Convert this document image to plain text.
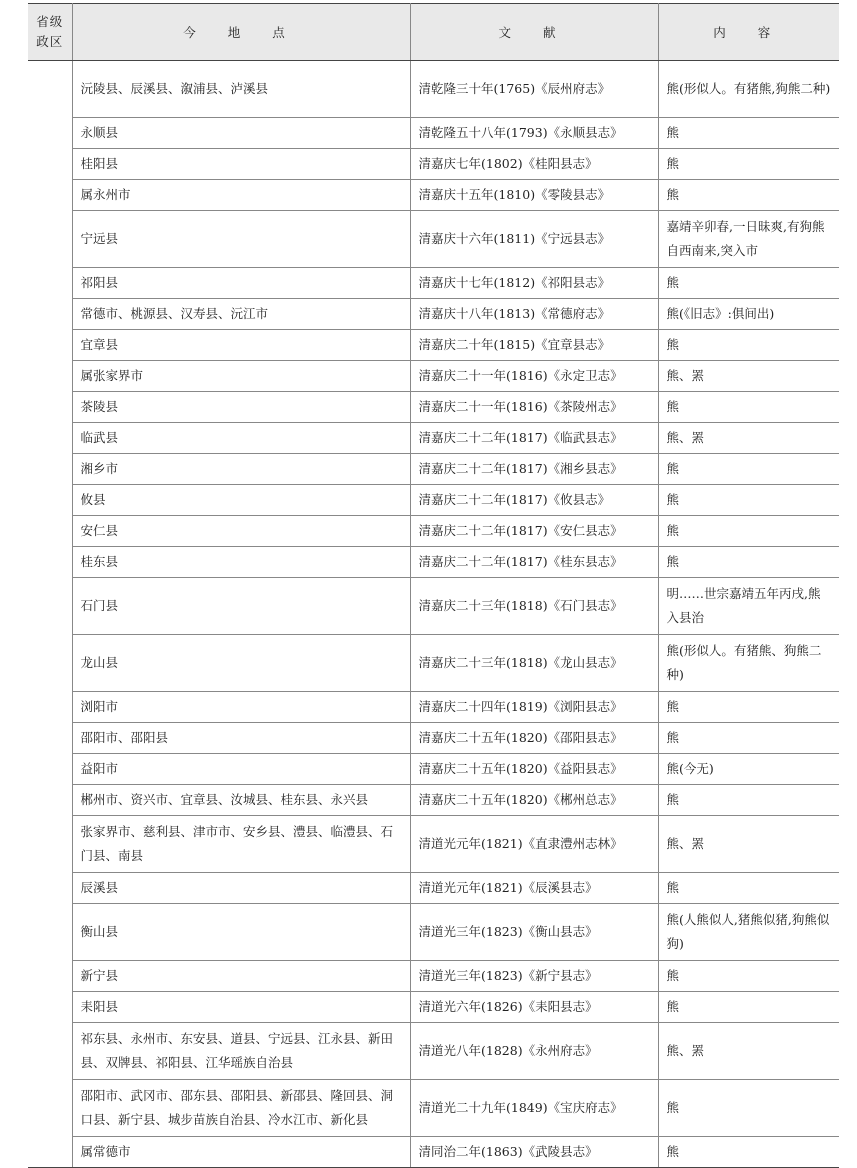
省级
政区	今 地 点	文 献	内 容
	沅陵县、辰溪县、溆浦县、泸溪县	清乾隆三十年(1765)《辰州府志》	熊(形似人。有猪熊,狗熊二种)
	永顺县	清乾隆五十八年(1793)《永顺县志》	熊
	桂阳县	清嘉庆七年(1802)《桂阳县志》	熊
	属永州市	清嘉庆十五年(1810)《零陵县志》	熊
	宁远县	清嘉庆十六年(1811)《宁远县志》	嘉靖辛卯春,一日昧爽,有狗熊自西南来,突入市
	祁阳县	清嘉庆十七年(1812)《祁阳县志》	熊
	常德市、桃源县、汉寿县、沅江市	清嘉庆十八年(1813)《常德府志》	熊(《旧志》:俱间出)
	宜章县	清嘉庆二十年(1815)《宜章县志》	熊
	属张家界市	清嘉庆二十一年(1816)《永定卫志》	熊、罴
	茶陵县	清嘉庆二十一年(1816)《茶陵州志》	熊
	临武县	清嘉庆二十二年(1817)《临武县志》	熊、罴
	湘乡市	清嘉庆二十二年(1817)《湘乡县志》	熊
	攸县	清嘉庆二十二年(1817)《攸县志》	熊
	安仁县	清嘉庆二十二年(1817)《安仁县志》	熊
	桂东县	清嘉庆二十二年(1817)《桂东县志》	熊
	石门县	清嘉庆二十三年(1818)《石门县志》	明……世宗嘉靖五年丙戌,熊入县治
	龙山县	清嘉庆二十三年(1818)《龙山县志》	熊(形似人。有猪熊、狗熊二种)
	浏阳市	清嘉庆二十四年(1819)《浏阳县志》	熊
	邵阳市、邵阳县	清嘉庆二十五年(1820)《邵阳县志》	熊
	益阳市	清嘉庆二十五年(1820)《益阳县志》	熊(今无)
	郴州市、资兴市、宜章县、汝城县、桂东县、永兴县	清嘉庆二十五年(1820)《郴州总志》	熊
	张家界市、慈利县、津市市、安乡县、澧县、临澧县、石门县、南县	清道光元年(1821)《直隶澧州志林》	熊、罴
	辰溪县	清道光元年(1821)《辰溪县志》	熊
	衡山县	清道光三年(1823)《衡山县志》	熊(人熊似人,猪熊似猪,狗熊似狗)
	新宁县	清道光三年(1823)《新宁县志》	熊
	耒阳县	清道光六年(1826)《耒阳县志》	熊
	祁东县、永州市、东安县、道县、宁远县、江永县、新田县、双牌县、祁阳县、江华瑶族自治县	清道光八年(1828)《永州府志》	熊、罴
	邵阳市、武冈市、邵东县、邵阳县、新邵县、隆回县、洞口县、新宁县、城步苗族自治县、冷水江市、新化县	清道光二十九年(1849)《宝庆府志》	熊
	属常德市	清同治二年(1863)《武陵县志》	熊
